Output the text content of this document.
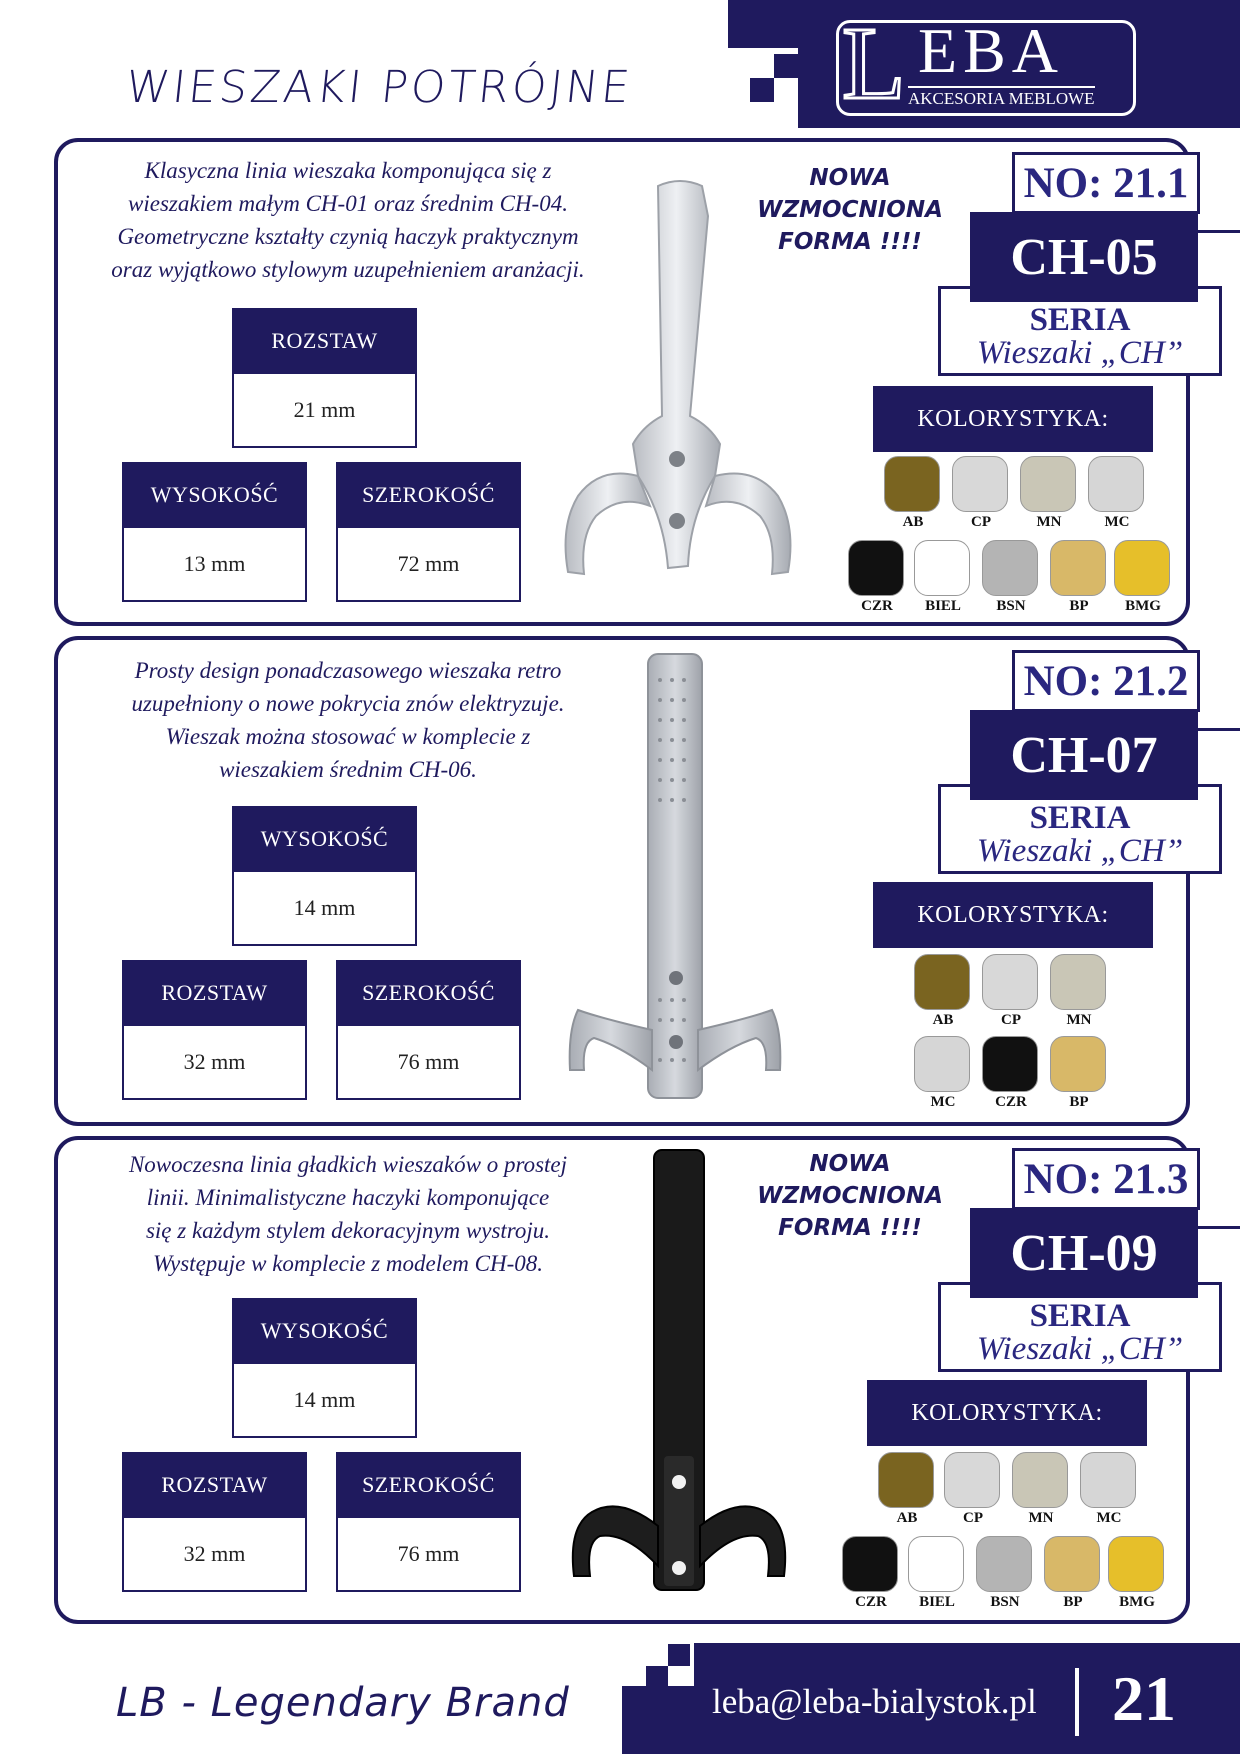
L EBA
AKCESORIA MEBLOWE
WIESZAKI POTRÓJNE
Klasyczna linia wieszaka komponująca się z
wieszakiem małym CH-01 oraz średnim CH-04.
Geometryczne kształty czynią haczyk praktycznym
oraz wyjątkowo stylowym uzupełnieniem aranżacji.
ROZSTAW
21 mm
WYSOKOŚĆ
13 mm
SZEROKOŚĆ
72 mm
NOWA
WZMOCNIONA
FORMA !!!!
NO: 21.1
SERIA
Wieszaki „CH”
CH-05
KOLORYSTYKA:
AB	CP	MN	MC
CZR	BIEL	BSN	BP	BMG
Prosty design ponadczasowego wieszaka retro
uzupełniony o nowe pokrycia znów elektryzuje.
Wieszak można stosować w komplecie z
wieszakiem średnim CH-06.
WYSOKOŚĆ
14 mm
ROZSTAW
32 mm
SZEROKOŚĆ
76 mm
NO: 21.2
SERIA
Wieszaki „CH”
CH-07
KOLORYSTYKA:
AB	CP	MN
MC	CZR	BP
Nowoczesna linia gładkich wieszaków o prostej
linii. Minimalistyczne haczyki komponujące
się z każdym stylem dekoracyjnym wystroju.
Występuje w komplecie z modelem CH-08.
WYSOKOŚĆ
14 mm
ROZSTAW
32 mm
SZEROKOŚĆ
76 mm
NOWA
WZMOCNIONA
FORMA !!!!
NO: 21.3
SERIA
Wieszaki „CH”
CH-09
KOLORYSTYKA:
AB	CP	MN	MC
CZR	BIEL	BSN	BP	BMG
LB - Legendary Brand	leba@leba-bialystok.pl 21
